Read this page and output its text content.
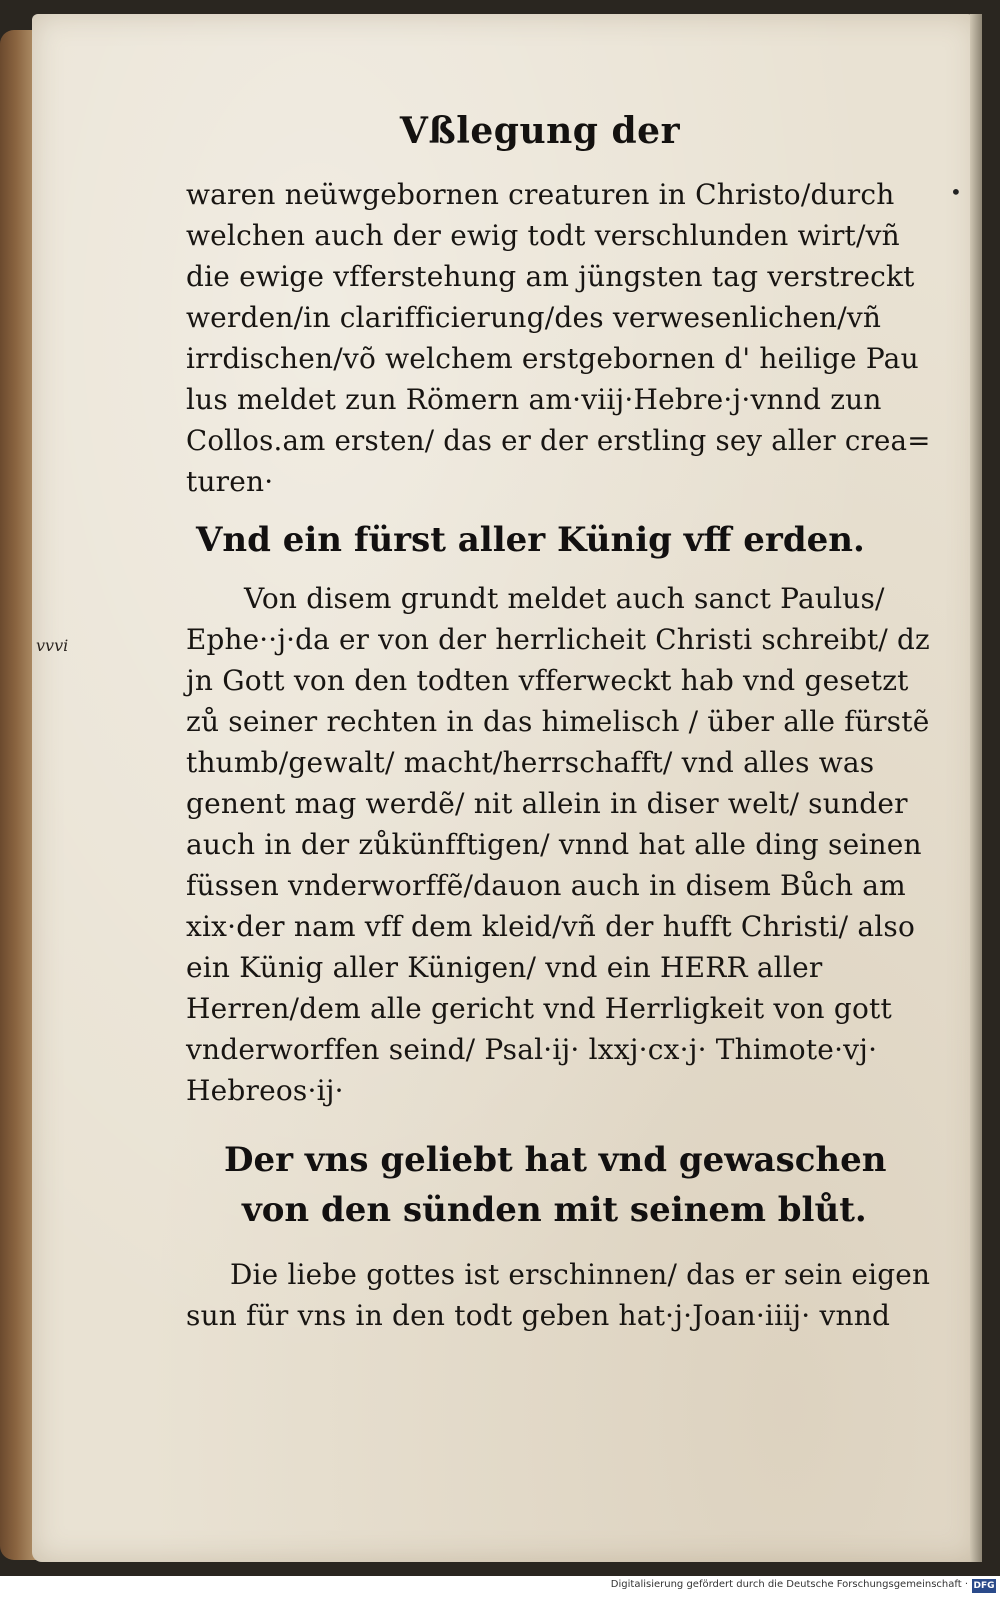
Vßlegung der
•
waren neüwgebornen creaturen in Christo/durch
welchen auch der ewig todt verschlunden wirt/vñ
die ewige vfferstehung am jüngsten tag verstreckt
werden/in clarifficierung/des verwesenlichen/vñ
irrdischen/võ welchem erstgebornen d' heilige Pau
lus meldet zun Römern am·viij·Hebre·j·vnnd zun
Collos.am ersten/ das er der erstling sey aller crea=
turen·
Vnd ein fürst aller Künig vff erden.
vvvi
Von disem grundt meldet auch sanct Paulus/
Ephe··j·da er von der herrlicheit Christi schreibt/ dz
jn Gott von den todten vfferweckt hab vnd gesetzt
zů seiner rechten in das himelisch / über alle fürstẽ
thumb/gewalt/ macht/herrschafft/ vnd alles was
genent mag werdẽ/ nit allein in diser welt/ sunder
auch in der zůkünfftigen/ vnnd hat alle ding seinen
füssen vnderworffẽ/dauon auch in disem Bůch am
xix·der nam vff dem kleid/vñ der hufft Christi/ also
ein Künig aller Künigen/ vnd ein HERR aller
Herren/dem alle gericht vnd Herrligkeit von gott
vnderworffen seind/ Psal·ij· lxxj·cx·j· Thimote·vj·
Hebreos·ij·
Der vns geliebt hat vnd gewaschen
von den sünden mit seinem blůt.
Die liebe gottes ist erschinnen/ das er sein eigen
sun für vns in den todt geben hat·j·Joan·iiij· vnnd
Digitalisierung gefördert durch die Deutsche Forschungsgemeinschaft · DFG
